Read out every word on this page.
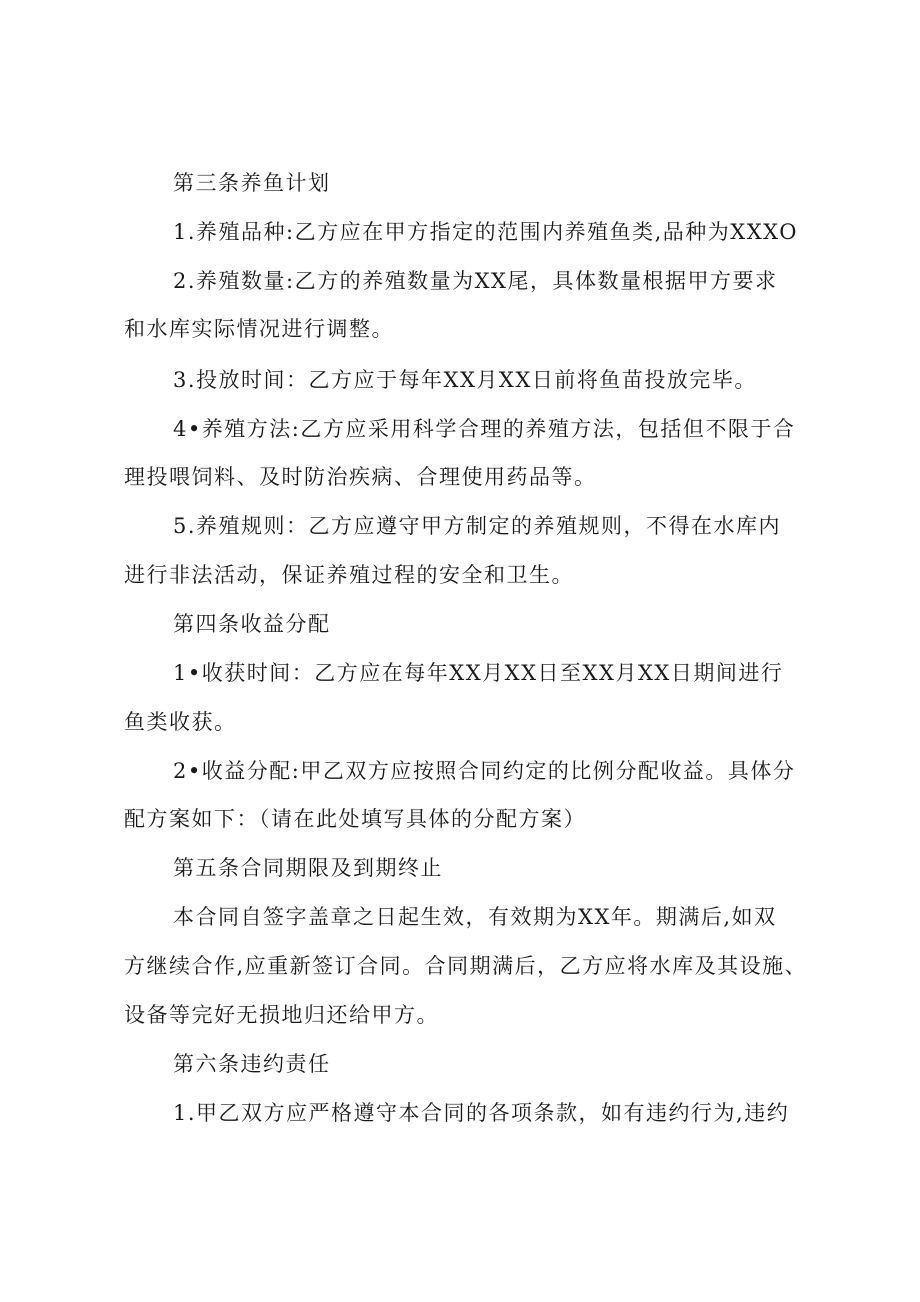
第三条养鱼计划
1.养殖品种:乙方应在甲方指定的范围内养殖鱼类,品种为XXXO
2.养殖数量:乙方的养殖数量为XX尾，具体数量根据甲方要求
和水库实际情况进行调整。
3.投放时间：乙方应于每年XX月XX日前将鱼苗投放完毕。
4•养殖方法:乙方应采用科学合理的养殖方法，包括但不限于合
理投喂饲料、及时防治疾病、合理使用药品等。
5.养殖规则：乙方应遵守甲方制定的养殖规则，不得在水库内
进行非法活动，保证养殖过程的安全和卫生。
第四条收益分配
1•收获时间：乙方应在每年XX月XX日至XX月XX日期间进行
鱼类收获。
2•收益分配:甲乙双方应按照合同约定的比例分配收益。具体分
配方案如下：（请在此处填写具体的分配方案）
第五条合同期限及到期终止
本合同自签字盖章之日起生效，有效期为XX年。期满后,如双
方继续合作,应重新签订合同。合同期满后，乙方应将水库及其设施、
设备等完好无损地归还给甲方。
第六条违约责任
1.甲乙双方应严格遵守本合同的各项条款，如有违约行为,违约
